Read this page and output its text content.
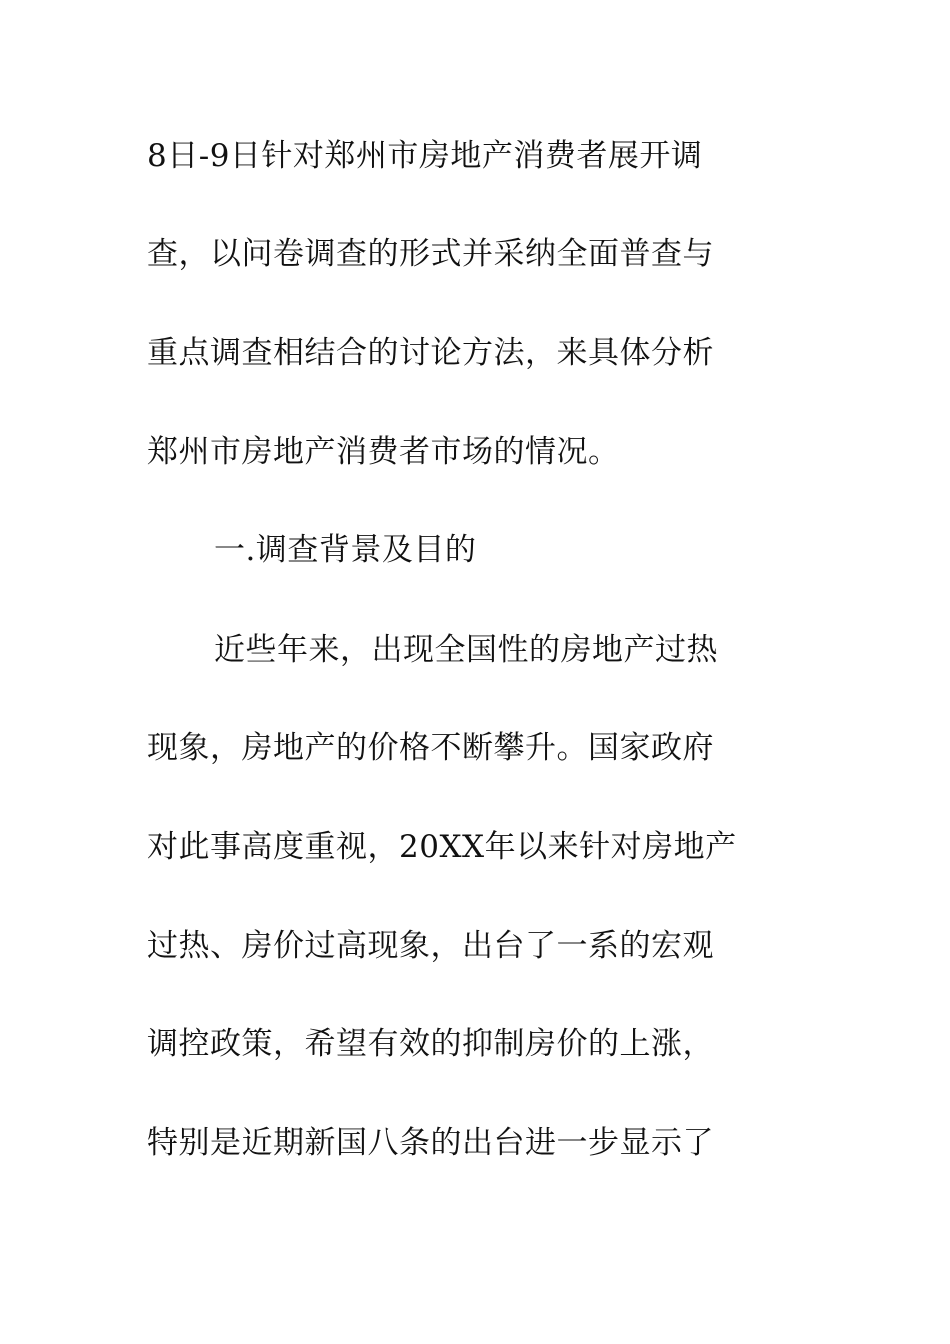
8日-9日针对郑州市房地产消费者展开调
查，以问卷调查的形式并采纳全面普查与
重点调查相结合的讨论方法，来具体分析
郑州市房地产消费者市场的情况。
一.调查背景及目的
近些年来，出现全国性的房地产过热
现象，房地产的价格不断攀升。国家政府
对此事高度重视，20XX年以来针对房地产
过热、房价过高现象，出台了一系的宏观
调控政策，希望有效的抑制房价的上涨，
特别是近期新国八条的出台进一步显示了
